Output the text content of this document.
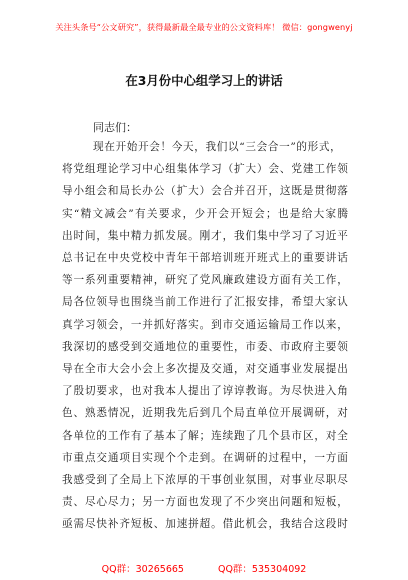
关注头条号“公文研究”，获得最新最全最专业的公文资料库！ 微信：gongwenyj
在3月份中心组学习上的讲话
同志们：
现 在 开 始 开 会 ！ 今 天 ， 我 们 以 “ 三 会 合 一 ” 的 形 式 ，
将 党 组 理 论 学 习 中 心 组 集 体 学 习 （ 扩 大 ） 会 、 党 建 工 作 领
导 小 组 会 和 局 长 办 公 （ 扩 大 ） 会 合 并 召 开 ， 这 既 是 贯 彻 落
实 “ 精 文 减 会 ” 有 关 要 求 ， 少 开 会 开 短 会 ； 也 是 给 大 家 腾
出 时 间 ， 集 中 精 力 抓 发 展 。 刚 才 ， 我 们 集 中 学 习 了 习 近 平
总 书 记 在 中 央 党 校 中 青 年 干 部 培 训 班 开 班 式 上 的 重 要 讲 话
等 一 系 列 重 要 精 神 ， 研 究 了 党 风 廉 政 建 设 方 面 有 关 工 作 ，
局 各 位 领 导 也 围 绕 当 前 工 作 进 行 了 汇 报 安 排 ， 希 望 大 家 认
真 学 习 领 会 ， 一 并 抓 好 落 实 。 到 市 交 通 运 输 局 工 作 以 来 ，
我 深 切 的 感 受 到 交 通 地 位 的 重 要 性 ， 市 委 、 市 政 府 主 要 领
导 在 全 市 大 会 小 会 上 多 次 提 及 交 通 ， 对 交 通 事 业 发 展 提 出
了 殷 切 要 求 ， 也 对 我 本 人 提 出 了 谆 谆 教 诲 。 为 尽 快 进 入 角
色 、 熟 悉 情 况 ， 近 期 我 先 后 到 几 个 局 直 单 位 开 展 调 研 ， 对
各 单 位 的 工 作 有 了 基 本 了 解 ； 连 续 跑 了 几 个 县 市 区 ， 对 全
市 重 点 交 通 项 目 实 现 个 个 走 到 。 在 调 研 的 过 程 中 ， 一 方 面
我 感 受 到 了 全 局 上 下 浓 厚 的 干 事 创 业 氛 围 ， 对 事 业 尽 职 尽
责 、 尽 心 尽 力 ； 另 一 方 面 也 发 现 了 不 少 突 出 问 题 和 短 板 ，
亟 需 尽 快 补 齐 短 板 、 加 速 拼 超 。 借 此 机 会 ， 我 结 合 这 段 时
QQ群：30265665	QQ群：535304092
